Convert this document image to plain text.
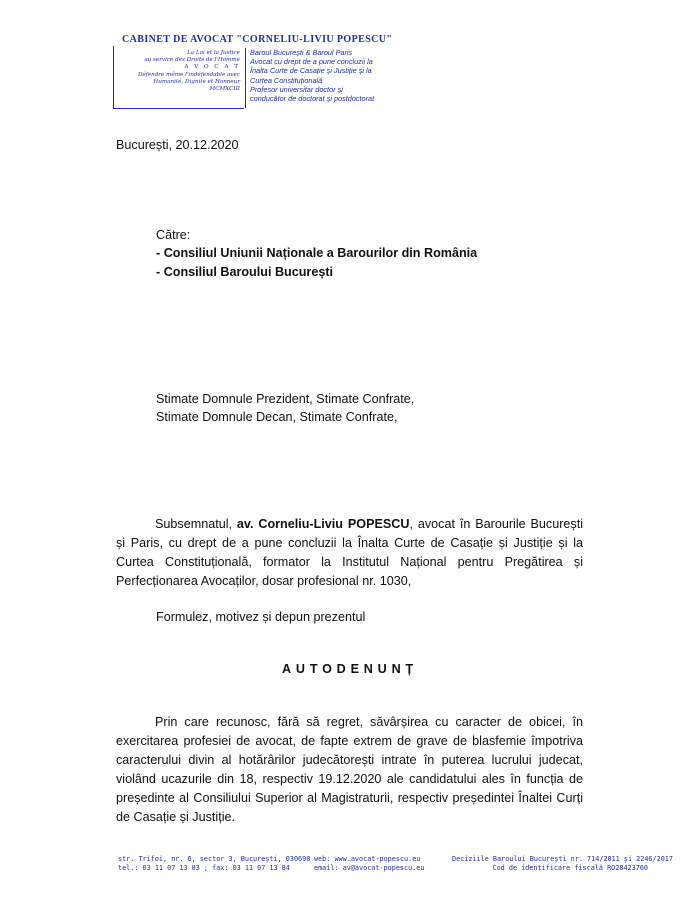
CABINET DE AVOCAT "CORNELIU-LIVIU POPESCU"
La Loi et la Justice
au service des Droits de l'Homme
A V O C A T
Défendre même l'indéfendable avec
Humanité, Dignité et Honneur
MCMXCIII
Baroul București & Baroul Paris
Avocat cu drept de a pune concluzii la
Înalta Curte de Casație și Justiție și la
Curtea Constituțională
Profesor universitar doctor și
conducător de doctorat și postdoctorat
București, 20.12.2020
Către:
- Consiliul Uniunii Naționale a Barourilor din România
- Consiliul Baroului București
Stimate Domnule Prezident, Stimate Confrate,
Stimate Domnule Decan, Stimate Confrate,
Subsemnatul, av. Corneliu-Liviu POPESCU, avocat în Barourile București și Paris, cu drept de a pune concluzii la Înalta Curte de Casație și Justiție și la Curtea Constituțională, formator la Institutul Național pentru Pregătirea și Perfecționarea Avocaților, dosar profesional nr. 1030,
Formulez, motivez și depun prezentul
AUTODENUNȚ
Prin care recunosc, fără să regret, săvârșirea cu caracter de obicei, în exercitarea profesiei de avocat, de fapte extrem de grave de blasfemie împotriva caracterului divin al hotărârilor judecătorești intrate în puterea lucrului judecat, violând ucazurile din 18, respectiv 19.12.2020 ale candidatului ales în funcția de președinte al Consiliului Superior al Magistraturii, respectiv președintei Înaltei Curți de Casație și Justiție.
str. Trifoi, nr. 6, sector 3, București, 030698
tel.: 03 11 07 13 83 ; fax: 03 11 07 13 84
web: www.avocat-popescu.eu
email: av@avocat-popescu.eu
Deciziile Baroului București nr. 714/2011 și 2246/2017
Cod de identificare fiscală RO28423760
